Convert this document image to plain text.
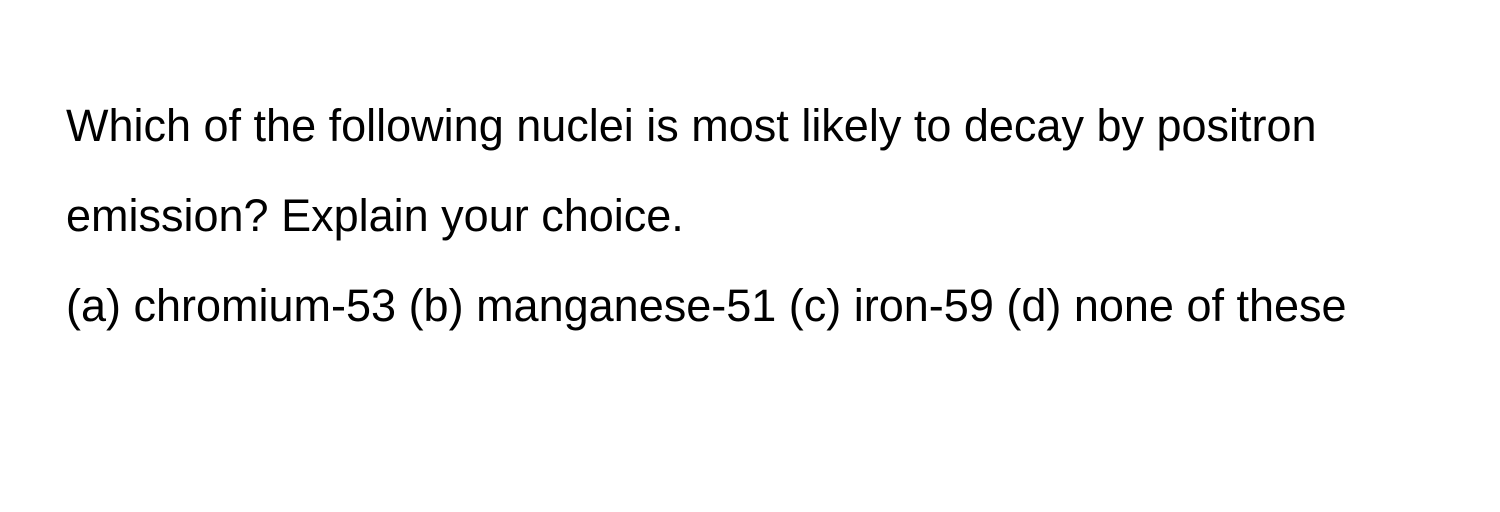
Which of the following nuclei is most likely to decay by positron emission? Explain your choice.
(a) chromium-53 (b) manganese-51 (c) iron-59 (d) none of these
